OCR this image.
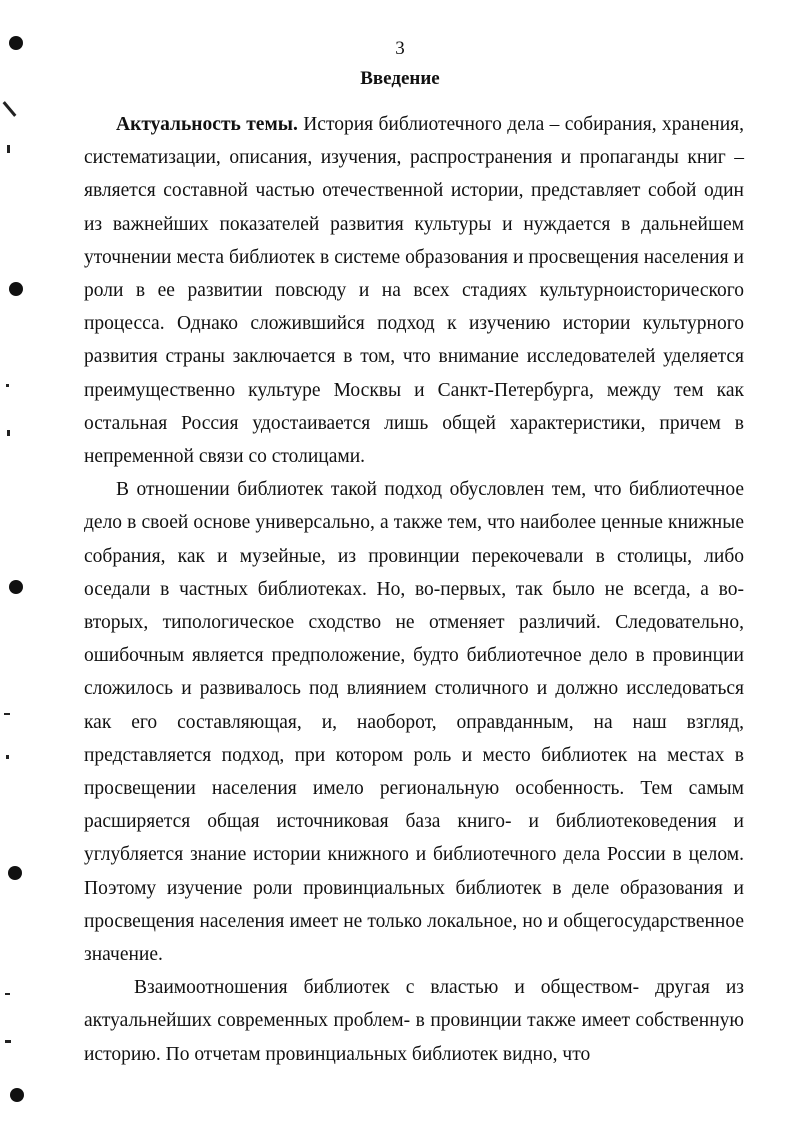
3
Введение

Актуальность темы. История библиотечного дела – собирания, хранения, систематизации, описания, изучения, распространения и пропаганды книг – является составной частью отечественной истории, представляет собой один из важнейших показателей развития культуры и нуждается в дальнейшем уточнении места библиотек в системе образования и просвещения населения и роли в ее развитии повсюду и на всех стадиях культурноисторического процесса. Однако сложившийся подход к изучению истории культурного развития страны заключается в том, что внимание исследователей уделяется преимущественно культуре Москвы и Санкт-Петербурга, между тем как остальная Россия удостаивается лишь общей характеристики, причем в непременной связи со столицами.

В отношении библиотек такой подход обусловлен тем, что библиотечное дело в своей основе универсально, а также тем, что наиболее ценные книжные собрания, как и музейные, из провинции перекочевали в столицы, либо оседали в частных библиотеках. Но, во-первых, так было не всегда, а во-вторых, типологическое сходство не отменяет различий. Следовательно, ошибочным является предположение, будто библиотечное дело в провинции сложилось и развивалось под влиянием столичного и должно исследоваться как его составляющая, и, наоборот, оправданным, на наш взгляд, представляется подход, при котором роль и место библиотек на местах в просвещении населения имело региональную особенность. Тем самым расширяется общая источниковая база книго- и библиотековедения и углубляется знание истории книжного и библиотечного дела России в целом. Поэтому изучение роли провинциальных библиотек в деле образования и просвещения населения имеет не только локальное, но и общегосударственное значение.

Взаимоотношения библиотек с властью и обществом- другая из актуальнейших современных проблем- в провинции также имеет собственную историю. По отчетам провинциальных библиотек видно, что
